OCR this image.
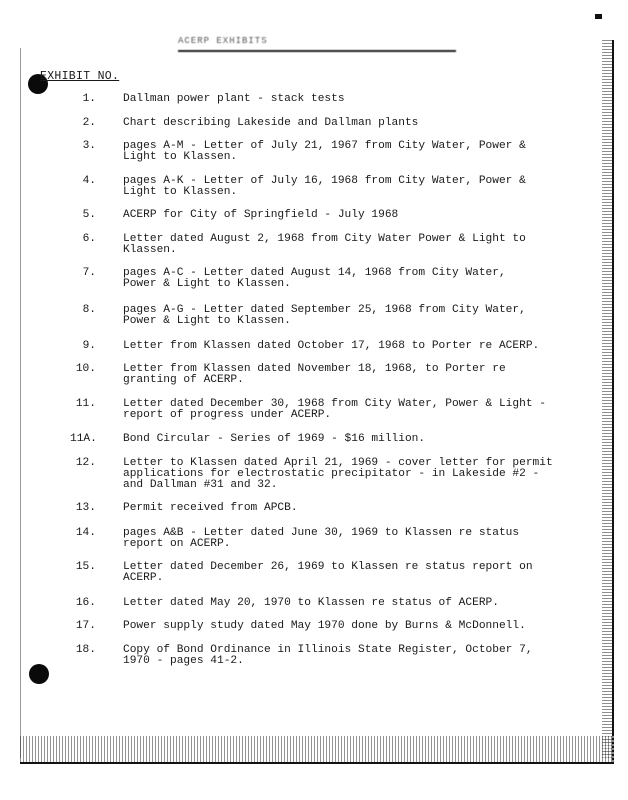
ACERP EXHIBITS
EXHIBIT NO.
1. Dallman power plant - stack tests
2. Chart describing Lakeside and Dallman plants
3. pages A-M - Letter of July 21, 1967 from City Water, Power &
Light to Klassen.
4. pages A-K - Letter of July 16, 1968 from City Water, Power &
Light to Klassen.
5. ACERP for City of Springfield - July 1968
6. Letter dated August 2, 1968 from City Water Power & Light to
Klassen.
7. pages A-C - Letter dated August 14, 1968 from City Water,
Power & Light to Klassen.
8. pages A-G - Letter dated September 25, 1968 from City Water,
Power & Light to Klassen.
9. Letter from Klassen dated October 17, 1968 to Porter re ACERP.
10. Letter from Klassen dated November 18, 1968, to Porter re
granting of ACERP.
11. Letter dated December 30, 1968 from City Water, Power & Light -
report of progress under ACERP.
11A. Bond Circular - Series of 1969 - $16 million.
12. Letter to Klassen dated April 21, 1969 - cover letter for permit
applications for electrostatic precipitator - in Lakeside #2 -
and Dallman #31 and 32.
13. Permit received from APCB.
14. pages A&B - Letter dated June 30, 1969 to Klassen re status
report on ACERP.
15. Letter dated December 26, 1969 to Klassen re status report on
ACERP.
16. Letter dated May 20, 1970 to Klassen re status of ACERP.
17. Power supply study dated May 1970 done by Burns & McDonnell.
18. Copy of Bond Ordinance in Illinois State Register, October 7,
1970 - pages 41-2.
